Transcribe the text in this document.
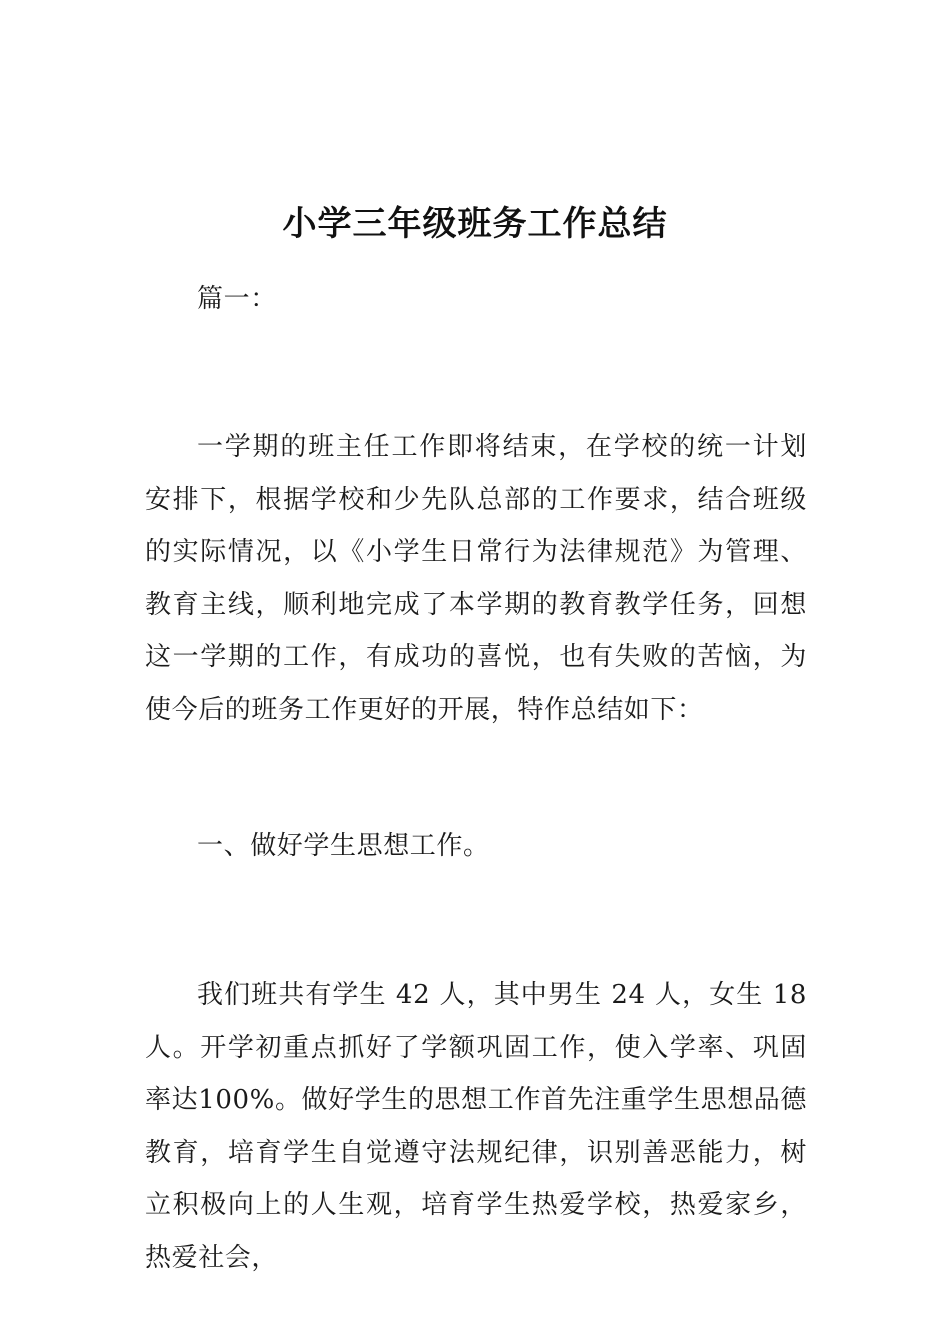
小学三年级班务工作总结

篇一：

一学期的班主任工作即将结束，在学校的统一计划安排下，根据学校和少先队总部的工作要求，结合班级的实际情况，以《小学生日常行为法律规范》为管理、教育主线，顺利地完成了本学期的教育教学任务，回想这一学期的工作，有成功的喜悦，也有失败的苦恼，为使今后的班务工作更好的开展，特作总结如下：

一、做好学生思想工作。

我们班共有学生 42 人，其中男生 24 人，女生 18 人。开学初重点抓好了学额巩固工作，使入学率、巩固率达100%。做好学生的思想工作首先注重学生思想品德教育，培育学生自觉遵守法规纪律，识别善恶能力，树立积极向上的人生观，培育学生热爱学校，热爱家乡，热爱社会，
